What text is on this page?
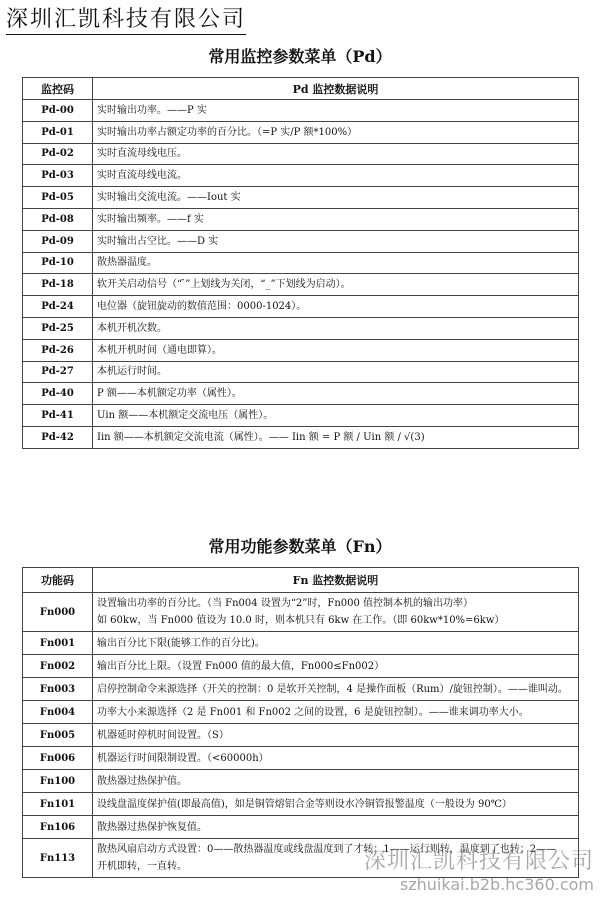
深圳汇凯科技有限公司
常用监控参数菜单（Pd）
监控码	Pd 监控数据说明
Pd-00	实时输出功率。——P 实

Pd-01	实时输出功率占额定功率的百分比。（=P 实/P 额*100%）

Pd-02	实时直流母线电压。

Pd-03	实时直流母线电流。

Pd-05	实时输出交流电流。——Iout 实

Pd-08	实时输出频率。——f 实

Pd-09	实时输出占空比。——D 实

Pd-10	散热器温度。

Pd-18	软开关启动信号（“ ̄”上划线为关闭，“_”下划线为启动）。

Pd-24	电位器（旋钮旋动的数值范围：0000-1024）。

Pd-25	本机开机次数。

Pd-26	本机开机时间（通电即算）。

Pd-27	本机运行时间。

Pd-40	P 额——本机额定功率（属性）。

Pd-41	Uin 额——本机额定交流电压（属性）。

Pd-42	Iin 额——本机额定交流电流（属性）。—— Iin 额 = P 额 / Uin 额 / √(3)
常用功能参数菜单（Fn）
功能码	Fn 监控数据说明
Fn000	设置输出功率的百分比。（当 Fn004 设置为“2”时，Fn000 值控制本机的输出功率）
如 60kw，当 Fn000 值设为 10.0 时，则本机只有 6kw 在工作。（即 60kw*10%=6kw）

Fn001	输出百分比下限(能够工作的百分比)。

Fn002	输出百分比上限。（设置 Fn000 值的最大值，Fn000≤Fn002）

Fn003	启停控制命令来源选择（开关的控制：0 是软开关控制，4 是操作面板（Rum）/旋钮控制）。——谁叫动。

Fn004	功率大小来源选择（2 是 Fn001 和 Fn002 之间的设置，6 是旋钮控制）。——谁来调功率大小。

Fn005	机器延时停机时间设置。（S）

Fn006	机器运行时间限制设置。（<60000h）

Fn100	散热器过热保护值。

Fn101	设线盘温度保护值(即最高值)，如是铜管熔铝合金等则设水冷铜管报警温度（一般设为 90℃）

Fn106	散热器过热保护恢复值。

Fn113	散热风扇启动方式设置：0——散热器温度或线盘温度到了才转；1——运行则转，温度到了也转；2——
开机即转，一直转。	深圳汇凯科技有限公司
szhuikai.b2b.hc360.com
